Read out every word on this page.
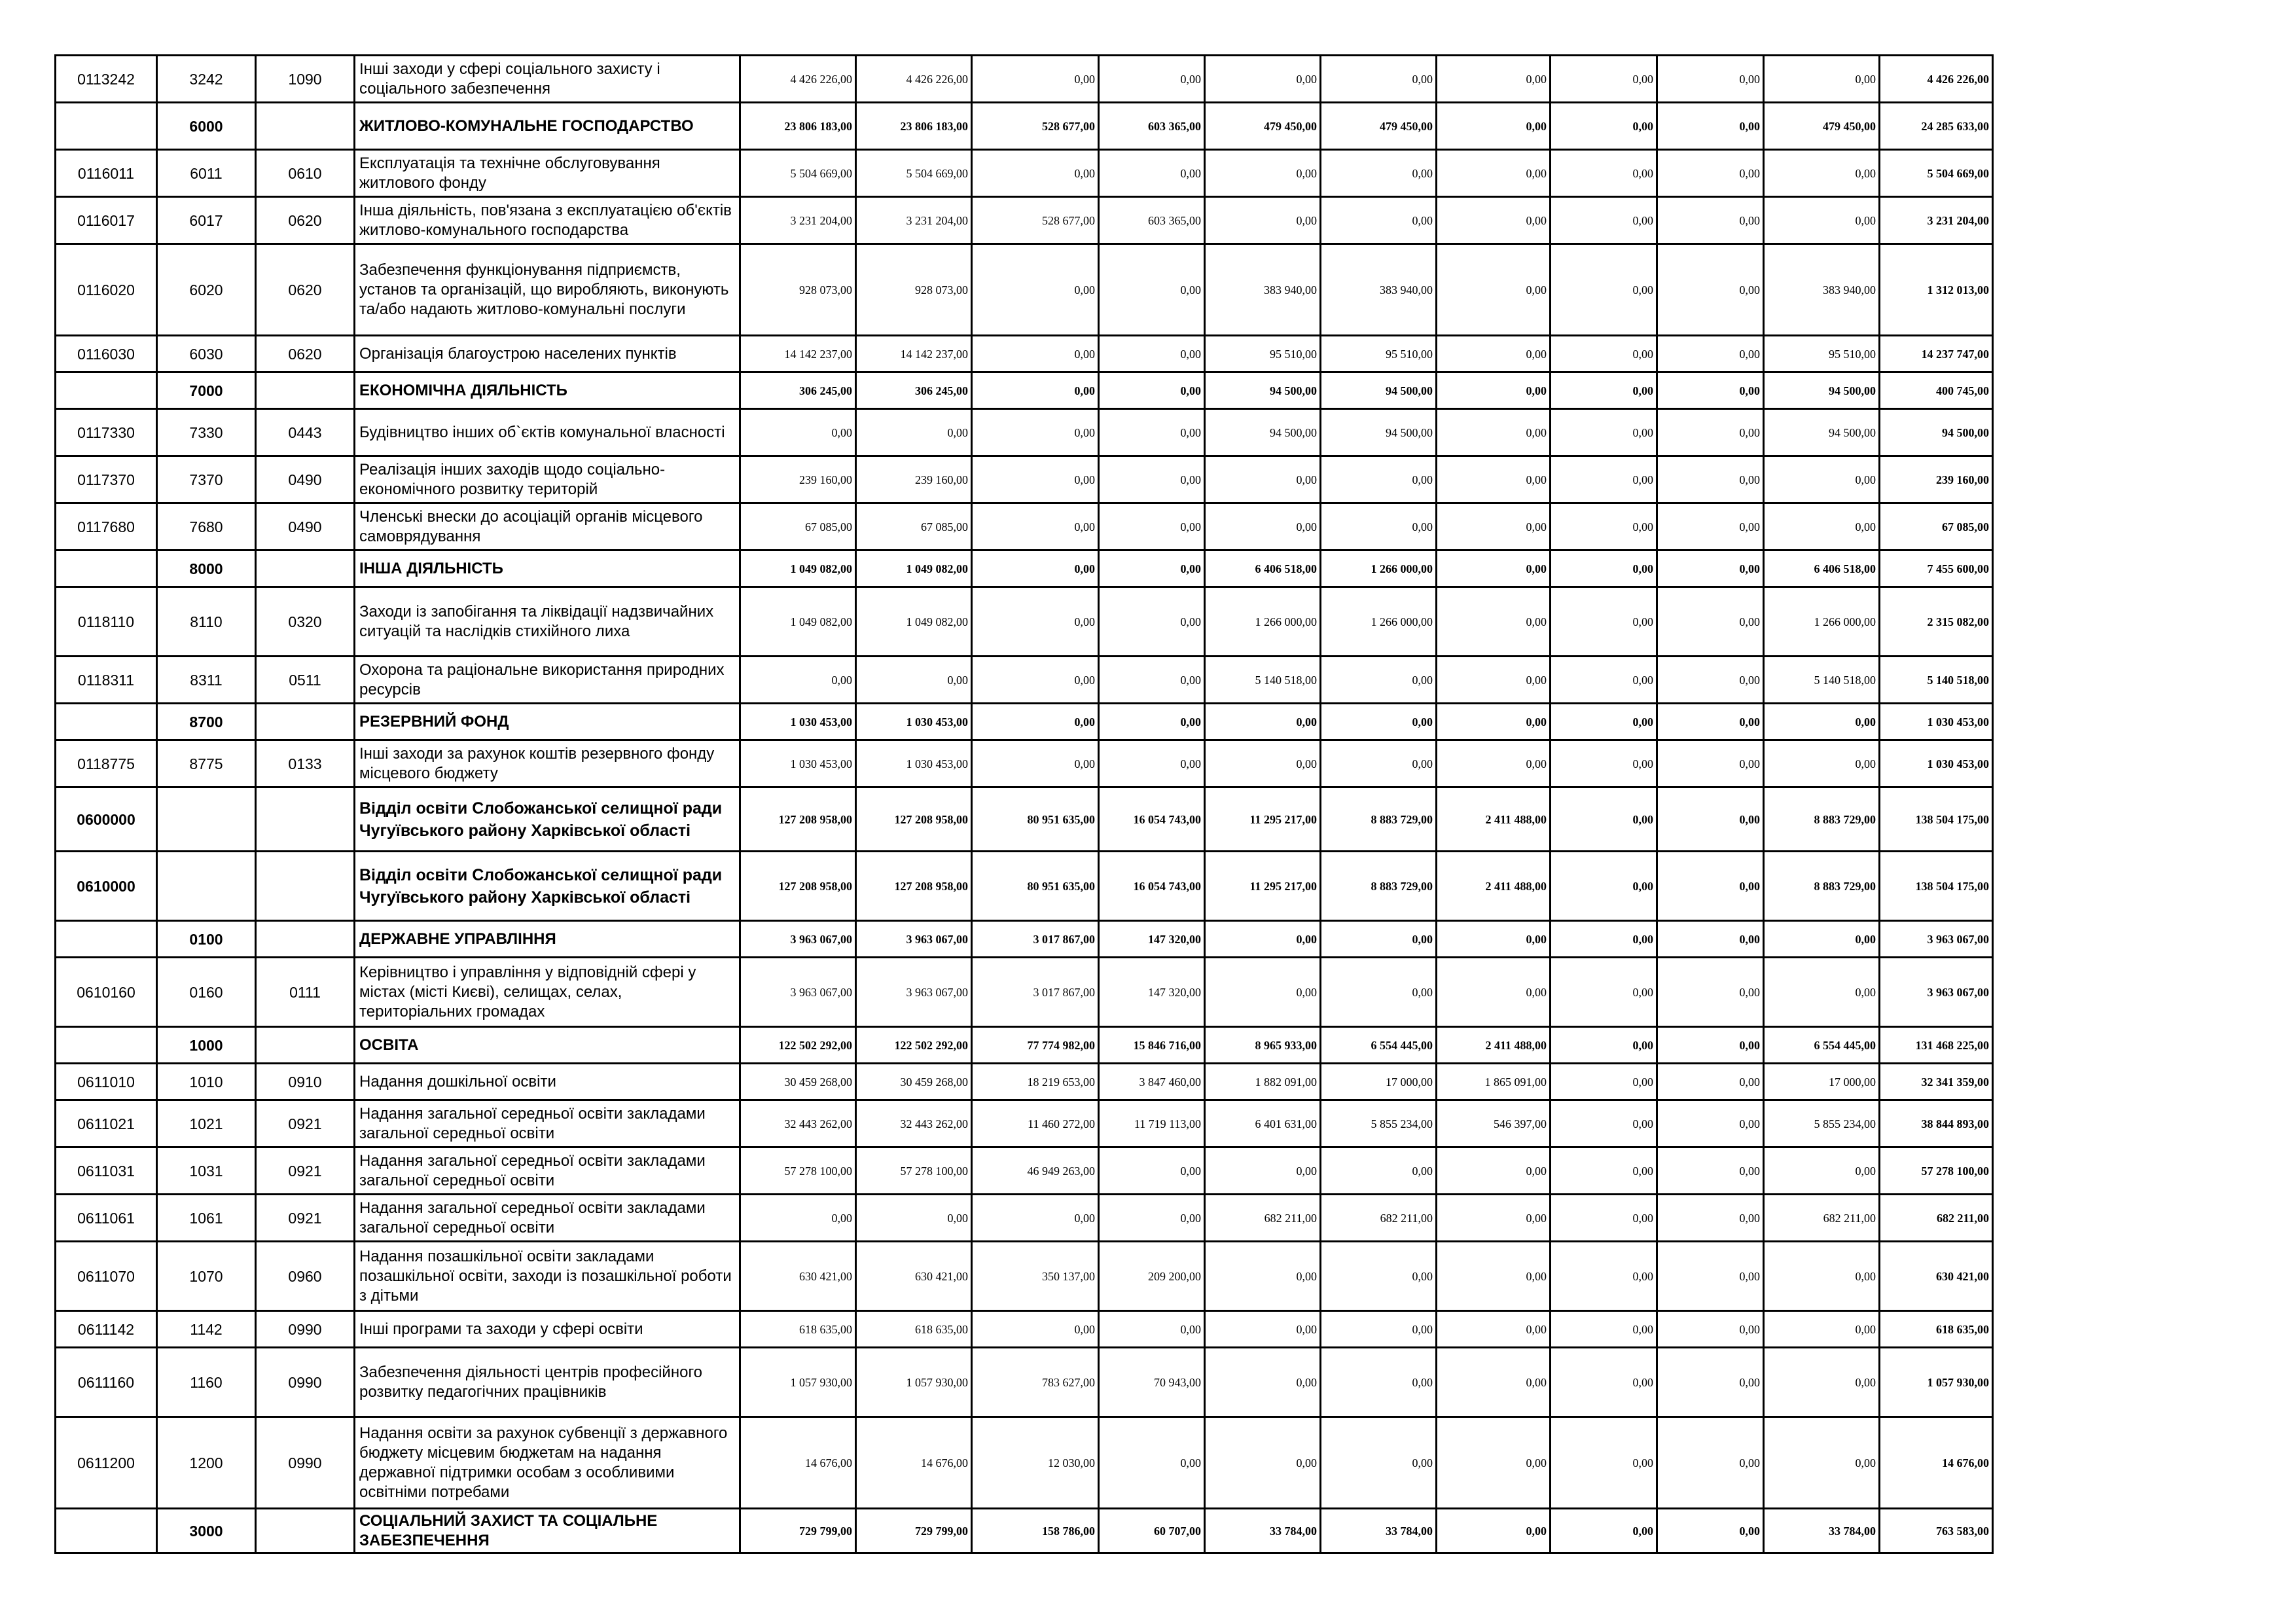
0113242	3242	1090	Інші заходи у сфері соціального захисту і соціального забезпечення	4 426 226,00	4 426 226,00	0,00	0,00	0,00	0,00	0,00	0,00	0,00	0,00	4 426 226,00
	6000		ЖИТЛОВО-КОМУНАЛЬНЕ ГОСПОДАРСТВО	23 806 183,00	23 806 183,00	528 677,00	603 365,00	479 450,00	479 450,00	0,00	0,00	0,00	479 450,00	24 285 633,00
0116011	6011	0610	Експлуатація та технічне обслуговування житлового фонду	5 504 669,00	5 504 669,00	0,00	0,00	0,00	0,00	0,00	0,00	0,00	0,00	5 504 669,00
0116017	6017	0620	Інша діяльність, пов'язана з експлуатацією об'єктів житлово-комунального господарства	3 231 204,00	3 231 204,00	528 677,00	603 365,00	0,00	0,00	0,00	0,00	0,00	0,00	3 231 204,00
0116020	6020	0620	Забезпечення функціонування підприємств, установ та організацій, що виробляють, виконують та/або надають житлово-комунальні послуги	928 073,00	928 073,00	0,00	0,00	383 940,00	383 940,00	0,00	0,00	0,00	383 940,00	1 312 013,00
0116030	6030	0620	Організація благоустрою населених пунктів	14 142 237,00	14 142 237,00	0,00	0,00	95 510,00	95 510,00	0,00	0,00	0,00	95 510,00	14 237 747,00
	7000		ЕКОНОМІЧНА ДІЯЛЬНІСТЬ	306 245,00	306 245,00	0,00	0,00	94 500,00	94 500,00	0,00	0,00	0,00	94 500,00	400 745,00
0117330	7330	0443	Будівництво інших об`єктів комунальної власності	0,00	0,00	0,00	0,00	94 500,00	94 500,00	0,00	0,00	0,00	94 500,00	94 500,00
0117370	7370	0490	Реалізація інших заходів щодо соціально-економічного розвитку територій	239 160,00	239 160,00	0,00	0,00	0,00	0,00	0,00	0,00	0,00	0,00	239 160,00
0117680	7680	0490	Членські внески до асоціацій органів місцевого самоврядування	67 085,00	67 085,00	0,00	0,00	0,00	0,00	0,00	0,00	0,00	0,00	67 085,00
	8000		ІНША ДІЯЛЬНІСТЬ	1 049 082,00	1 049 082,00	0,00	0,00	6 406 518,00	1 266 000,00	0,00	0,00	0,00	6 406 518,00	7 455 600,00
0118110	8110	0320	Заходи із запобігання та ліквідації надзвичайних ситуацій та наслідків стихійного лиха	1 049 082,00	1 049 082,00	0,00	0,00	1 266 000,00	1 266 000,00	0,00	0,00	0,00	1 266 000,00	2 315 082,00
0118311	8311	0511	Охорона та раціональне використання природних ресурсів	0,00	0,00	0,00	0,00	5 140 518,00	0,00	0,00	0,00	0,00	5 140 518,00	5 140 518,00
	8700		РЕЗЕРВНИЙ ФОНД	1 030 453,00	1 030 453,00	0,00	0,00	0,00	0,00	0,00	0,00	0,00	0,00	1 030 453,00
0118775	8775	0133	Інші заходи за рахунок коштів резервного фонду місцевого бюджету	1 030 453,00	1 030 453,00	0,00	0,00	0,00	0,00	0,00	0,00	0,00	0,00	1 030 453,00
0600000			Відділ освіти Слобожанської селищної ради Чугуївського району Харківської області	127 208 958,00	127 208 958,00	80 951 635,00	16 054 743,00	11 295 217,00	8 883 729,00	2 411 488,00	0,00	0,00	8 883 729,00	138 504 175,00
0610000			Відділ освіти Слобожанської селищної ради Чугуївського району Харківської області	127 208 958,00	127 208 958,00	80 951 635,00	16 054 743,00	11 295 217,00	8 883 729,00	2 411 488,00	0,00	0,00	8 883 729,00	138 504 175,00
	0100		ДЕРЖАВНЕ УПРАВЛІННЯ	3 963 067,00	3 963 067,00	3 017 867,00	147 320,00	0,00	0,00	0,00	0,00	0,00	0,00	3 963 067,00
0610160	0160	0111	Керівництво і управління у відповідній сфері у містах (місті Києві), селищах, селах, територіальних громадах	3 963 067,00	3 963 067,00	3 017 867,00	147 320,00	0,00	0,00	0,00	0,00	0,00	0,00	3 963 067,00
	1000		ОСВІТА	122 502 292,00	122 502 292,00	77 774 982,00	15 846 716,00	8 965 933,00	6 554 445,00	2 411 488,00	0,00	0,00	6 554 445,00	131 468 225,00
0611010	1010	0910	Надання дошкільної освіти	30 459 268,00	30 459 268,00	18 219 653,00	3 847 460,00	1 882 091,00	17 000,00	1 865 091,00	0,00	0,00	17 000,00	32 341 359,00
0611021	1021	0921	Надання загальної середньої освіти закладами загальної середньої освіти	32 443 262,00	32 443 262,00	11 460 272,00	11 719 113,00	6 401 631,00	5 855 234,00	546 397,00	0,00	0,00	5 855 234,00	38 844 893,00
0611031	1031	0921	Надання загальної середньої освіти закладами загальної середньої освіти	57 278 100,00	57 278 100,00	46 949 263,00	0,00	0,00	0,00	0,00	0,00	0,00	0,00	57 278 100,00
0611061	1061	0921	Надання загальної середньої освіти закладами загальної середньої освіти	0,00	0,00	0,00	0,00	682 211,00	682 211,00	0,00	0,00	0,00	682 211,00	682 211,00
0611070	1070	0960	Надання позашкільної освіти закладами позашкільної освіти, заходи із позашкільної роботи з дітьми	630 421,00	630 421,00	350 137,00	209 200,00	0,00	0,00	0,00	0,00	0,00	0,00	630 421,00
0611142	1142	0990	Інші програми та заходи у сфері освіти	618 635,00	618 635,00	0,00	0,00	0,00	0,00	0,00	0,00	0,00	0,00	618 635,00
0611160	1160	0990	Забезпечення діяльності центрів професійного розвитку педагогічних працівників	1 057 930,00	1 057 930,00	783 627,00	70 943,00	0,00	0,00	0,00	0,00	0,00	0,00	1 057 930,00
0611200	1200	0990	Надання освіти за рахунок субвенції з державного бюджету місцевим бюджетам на надання державної підтримки особам з особливими освітніми потребами	14 676,00	14 676,00	12 030,00	0,00	0,00	0,00	0,00	0,00	0,00	0,00	14 676,00
	3000		СОЦІАЛЬНИЙ ЗАХИСТ ТА СОЦІАЛЬНЕ ЗАБЕЗПЕЧЕННЯ	729 799,00	729 799,00	158 786,00	60 707,00	33 784,00	33 784,00	0,00	0,00	0,00	33 784,00	763 583,00
